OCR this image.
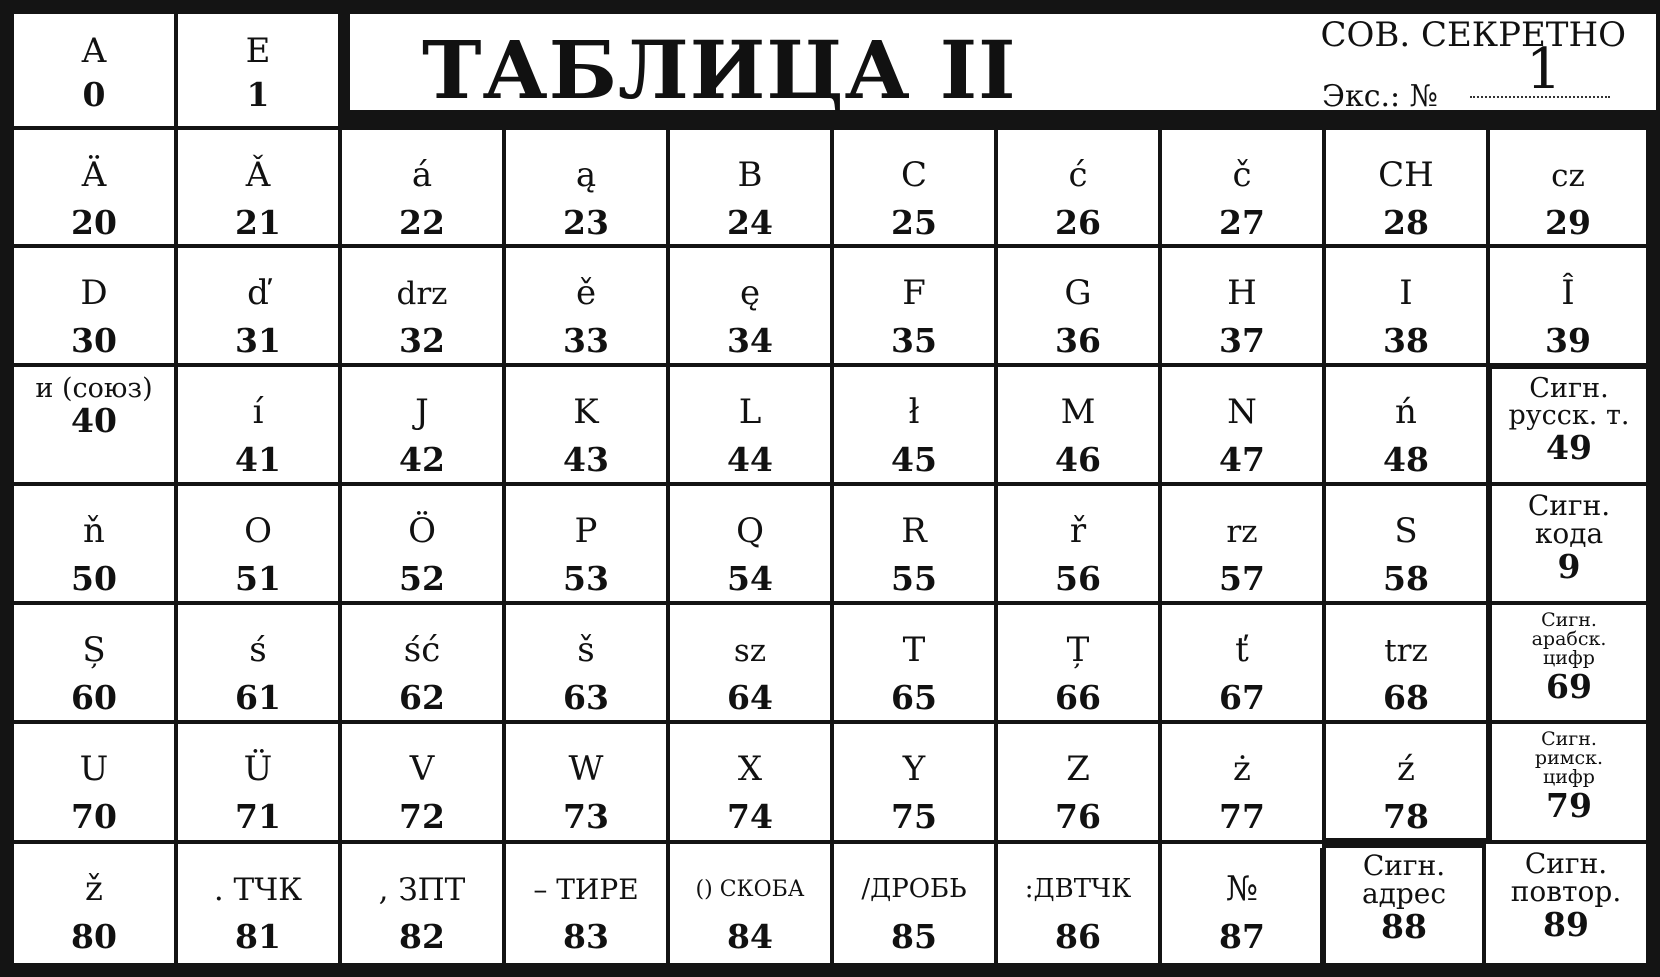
A
0
E
1 ТАБЛИЦА II	СОВ. СЕКРЕТНО
Экс.: № 1
Ä
20
Ǎ
21
á
22
ą
23
B
24
C
25
ć
26
č
27
CH
28
cz
29
D
30
ď
31
drz
32
ě
33
ę
34
F
35
G
36
H
37
I
38
Î
39
и (союз)
40	í
41
J
42
K
43
L
44
ł
45
M
46
N
47
ń
48
Сигн. русск. т.
49
ň
50
O
51
Ö
52
P
53
Q
54
R
55
ř
56
rz
57
S
58
Сигн. кода
9
Ș
60
ś
61
ść
62
š
63
sz
64
T
65
Ț
66
ť
67
trz
68
Сигн. арабск. цифр
69
U
70
Ü
71
V
72
W
73
X
74
Y
75
Z
76
ż
77
ź
78
Сигн. римск. цифр
79
ž
80
. ТЧК
81
, ЗПТ
82
– ТИРЕ
83
() СКОБА
84
/ДРОБЬ
85
:ДВТЧК
86
№
87
Сигн. адрес
88
Сигн. повтор.
89
